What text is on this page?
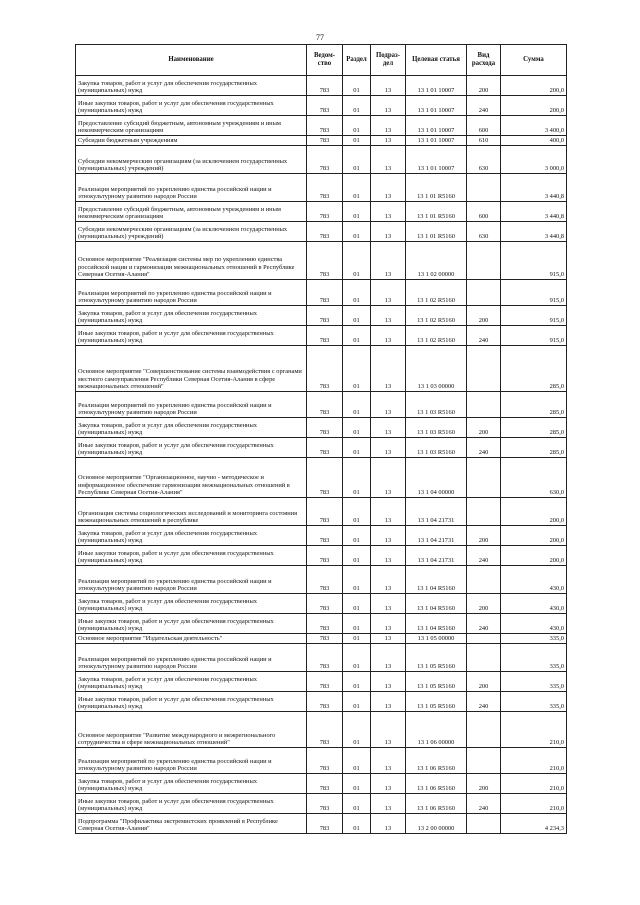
77
Наименование	Ведом-ство	Раздел	Подраз-дел	Целевая статья	Вид расхода	Сумма
Закупка товаров, работ и услуг для обеспечения государственных (муниципальных) нужд	783	01	13	13 1 01 10007	200	200,0
Иные закупки товаров, работ и услуг для обеспечения государственных (муниципальных) нужд	783	01	13	13 1 01 10007	240	200,0
Предоставление субсидий бюджетным, автономным учреждениям и иным некоммерческим организациям	783	01	13	13 1 01 10007	600	3 400,0
Субсидии бюджетным учреждениям	783	01	13	13 1 01 10007	610	400,0
Субсидии некоммерческим организациям (за исключением государственных (муниципальных) учреждений)	783	01	13	13 1 01 10007	630	3 000,0
Реализация мероприятий по укреплению единства российской нации и этнокультурному развитию народов России	783	01	13	13 1 01 R5160		3 440,8
Предоставление субсидий бюджетным, автономным учреждениям и иным некоммерческим организациям	783	01	13	13 1 01 R5160	600	3 440,8
Субсидии некоммерческим организациям (за исключением государственных (муниципальных) учреждений)	783	01	13	13 1 01 R5160	630	3 440,8
Основное мероприятие "Реализация системы мер по укреплению единства российской нации и гармонизации межнациональных отношений в Республике Северная Осетия-Алания"	783	01	13	13 1 02 00000		915,0
Реализация мероприятий по укреплению единства российской нации и этнокультурному развитию народов России	783	01	13	13 1 02 R5160		915,0
Закупка товаров, работ и услуг для обеспечения государственных (муниципальных) нужд	783	01	13	13 1 02 R5160	200	915,0
Иные закупки товаров, работ и услуг для обеспечения государственных (муниципальных) нужд	783	01	13	13 1 02 R5160	240	915,0
Основное мероприятие "Совершенствование системы взаимодействия с органами местного самоуправления Республики Северная Осетия-Алания в сфере межнациональных отношений"	783	01	13	13 1 03 00000		285,0
Реализация мероприятий по укреплению единства российской нации и этнокультурному развитию народов России	783	01	13	13 1 03 R5160		285,0
Закупка товаров, работ и услуг для обеспечения государственных (муниципальных) нужд	783	01	13	13 1 03 R5160	200	285,0
Иные закупки товаров, работ и услуг для обеспечения государственных (муниципальных) нужд	783	01	13	13 1 03 R5160	240	285,0
Основное мероприятие "Организационное, научно - методическое и информационное обеспечение гармонизации межнациональных отношений в Республике Северная Осетия-Алания"	783	01	13	13 1 04 00000		630,0
Организация системы социологических исследований и мониторинга состояния межнациональных отношений в республике	783	01	13	13 1 04 21731		200,0
Закупка товаров, работ и услуг для обеспечения государственных (муниципальных) нужд	783	01	13	13 1 04 21731	200	200,0
Иные закупки товаров, работ и услуг для обеспечения государственных (муниципальных) нужд	783	01	13	13 1 04 21731	240	200,0
Реализация мероприятий по укреплению единства российской нации и этнокультурному развитию народов России	783	01	13	13 1 04 R5160		430,0
Закупка товаров, работ и услуг для обеспечения государственных (муниципальных) нужд	783	01	13	13 1 04 R5160	200	430,0
Иные закупки товаров, работ и услуг для обеспечения государственных (муниципальных) нужд	783	01	13	13 1 04 R5160	240	430,0
Основное мероприятие "Издательская деятельность"	783	01	13	13 1 05 00000		335,0
Реализация мероприятий по укреплению единства российской нации и этнокультурному развитию народов России	783	01	13	13 1 05 R5160		335,0
Закупка товаров, работ и услуг для обеспечения государственных (муниципальных) нужд	783	01	13	13 1 05 R5160	200	335,0
Иные закупки товаров, работ и услуг для обеспечения государственных (муниципальных) нужд	783	01	13	13 1 05 R5160	240	335,0
Основное мероприятие "Развитие международного и межрегионального сотрудничества в сфере межнациональных отношений"	783	01	13	13 1 06 00000		210,0
Реализация мероприятий по укреплению единства российской нации и этнокультурному развитию народов России	783	01	13	13 1 06 R5160		210,0
Закупка товаров, работ и услуг для обеспечения государственных (муниципальных) нужд	783	01	13	13 1 06 R5160	200	210,0
Иные закупки товаров, работ и услуг для обеспечения государственных (муниципальных) нужд	783	01	13	13 1 06 R5160	240	210,0
Подпрограмма "Профилактика экстремистских проявлений в Республике Северная Осетия-Алания"	783	01	13	13 2 00 00000		4 234,3
